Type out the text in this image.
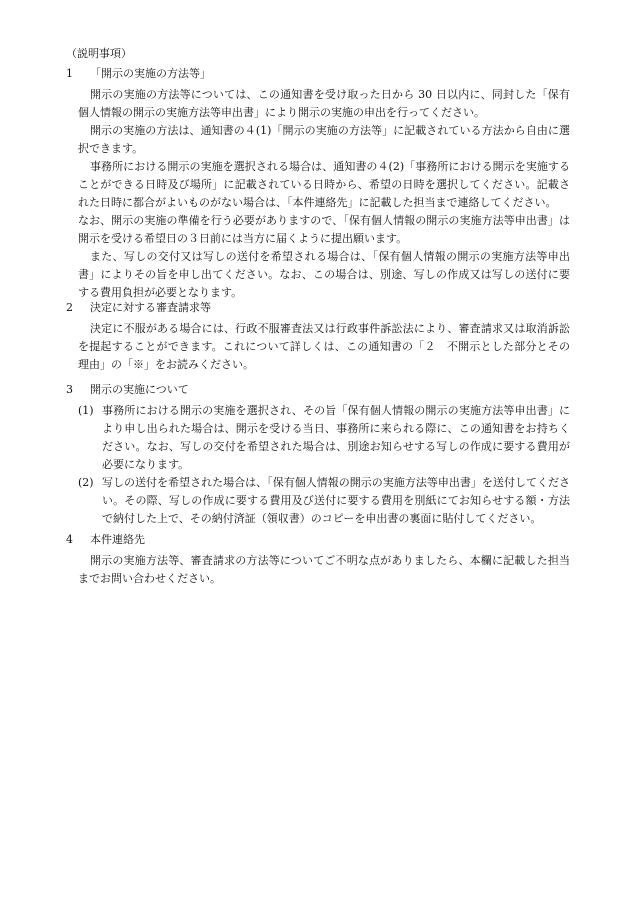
（説明事項）
1 「開示の実施の方法等」

開示の実施の方法等については、この通知書を受け取った日から 30 日以内に、同封した「保有個人情報の開示の実施方法等申出書」により開示の実施の申出を行ってください。

開示の実施の方法は、通知書の４(1)「開示の実施の方法等」に記載されている方法から自由に選択できます。

事務所における開示の実施を選択される場合は、通知書の４(2)「事務所における開示を実施することができる日時及び場所」に記載されている日時から、希望の日時を選択してください。記載された日時に都合がよいものがない場合は、「本件連絡先」に記載した担当まで連絡してください。

なお、開示の実施の準備を行う必要がありますので、「保有個人情報の開示の実施方法等申出書」は開示を受ける希望日の３日前には当方に届くように提出願います。

また、写しの交付又は写しの送付を希望される場合は、「保有個人情報の開示の実施方法等申出書」によりその旨を申し出てください。なお、この場合は、別途、写しの作成又は写しの送付に要する費用負担が必要となります。

2 決定に対する審査請求等

決定に不服がある場合には、行政不服審査法又は行政事件訴訟法により、審査請求又は取消訴訟を提起することができます。これについて詳しくは、この通知書の「２　不開示とした部分とその理由」の「※」をお読みください。

3 開示の実施について
(1) 事務所における開示の実施を選択され、その旨「保有個人情報の開示の実施方法等申出書」により申し出られた場合は、開示を受ける当日、事務所に来られる際に、この通知書をお持ちください。なお、写しの交付を希望された場合は、別途お知らせする写しの作成に要する費用が必要になります。
(2) 写しの送付を希望された場合は、「保有個人情報の開示の実施方法等申出書」を送付してください。その際、写しの作成に要する費用及び送付に要する費用を別紙にてお知らせする額・方法で納付した上で、その納付済証（領収書）のコピーを申出書の裏面に貼付してください。
4 本件連絡先

開示の実施方法等、審査請求の方法等についてご不明な点がありましたら、本欄に記載した担当までお問い合わせください。
